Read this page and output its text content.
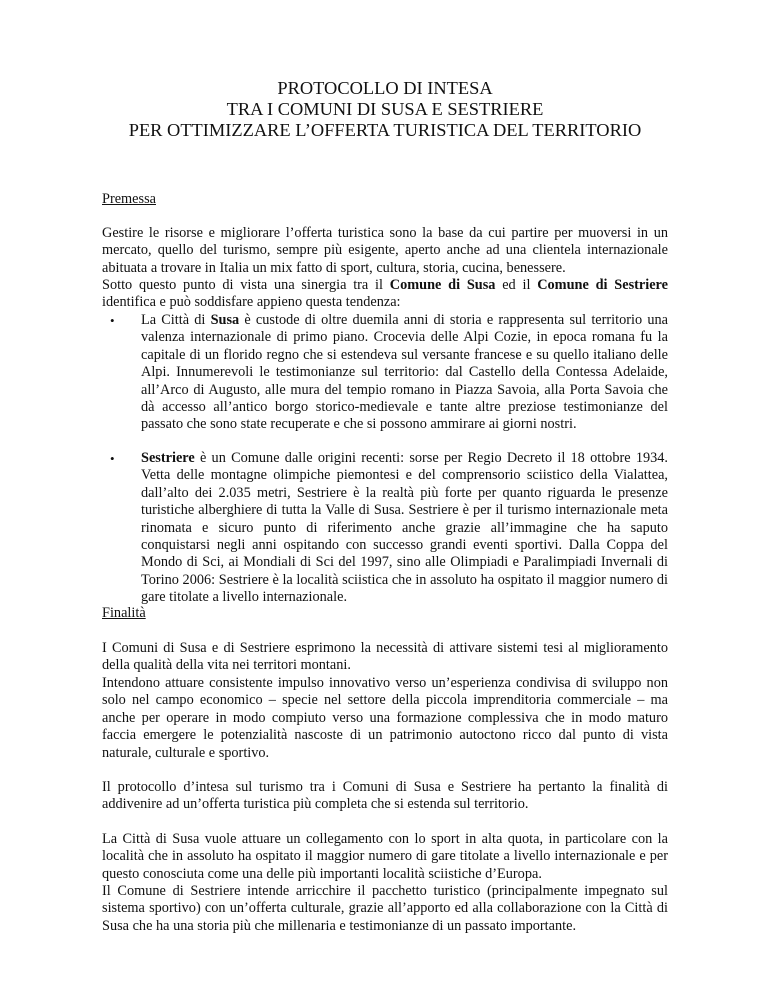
PROTOCOLLO DI INTESA
TRA I COMUNI DI SUSA E SESTRIERE
PER OTTIMIZZARE L’OFFERTA TURISTICA DEL TERRITORIO
Premessa
Gestire le risorse e migliorare l’offerta turistica sono la base da cui partire per muoversi in un mercato, quello del turismo, sempre più esigente, aperto anche ad una clientela internazionale abituata a trovare in Italia un mix fatto di sport, cultura, storia, cucina, benessere.
Sotto questo punto di vista una sinergia tra il Comune di Susa ed il Comune di Sestriere identifica e può soddisfare appieno questa tendenza:
• La Città di Susa è custode di oltre duemila anni di storia e rappresenta sul territorio una valenza internazionale di primo piano. Crocevia delle Alpi Cozie, in epoca romana fu la capitale di un florido regno che si estendeva sul versante francese e su quello italiano delle Alpi. Innumerevoli le testimonianze sul territorio: dal Castello della Contessa Adelaide, all’Arco di Augusto, alle mura del tempio romano in Piazza Savoia, alla Porta Savoia che dà accesso all’antico borgo storico-medievale e tante altre preziose testimonianze del passato che sono state recuperate e che si possono ammirare ai giorni nostri.
• Sestriere è un Comune dalle origini recenti: sorse per Regio Decreto il 18 ottobre 1934. Vetta delle montagne olimpiche piemontesi e del comprensorio sciistico della Vialattea, dall’alto dei 2.035 metri, Sestriere è la realtà più forte per quanto riguarda le presenze turistiche alberghiere di tutta la Valle di Susa. Sestriere è per il turismo internazionale meta rinomata e sicuro punto di riferimento anche grazie all’immagine che ha saputo conquistarsi negli anni ospitando con successo grandi eventi sportivi. Dalla Coppa del Mondo di Sci, ai Mondiali di Sci del 1997, sino alle Olimpiadi e Paralimpiadi Invernali di Torino 2006: Sestriere è la località sciistica che in assoluto ha ospitato il maggior numero di gare titolate a livello internazionale.
Finalità
I Comuni di Susa e di Sestriere esprimono la necessità di attivare sistemi tesi al miglioramento della qualità della vita nei territori montani.
Intendono attuare consistente impulso innovativo verso un’esperienza condivisa di sviluppo non solo nel campo economico – specie nel settore della piccola imprenditoria commerciale – ma anche per operare in modo compiuto verso una formazione complessiva che in modo maturo faccia emergere le potenzialità nascoste di un patrimonio autoctono ricco dal punto di vista naturale, culturale e sportivo.
Il protocollo d’intesa sul turismo tra i Comuni di Susa e Sestriere ha pertanto la finalità di addivenire ad un’offerta turistica più completa che si estenda sul territorio.
La Città di Susa vuole attuare un collegamento con lo sport in alta quota, in particolare con la località che in assoluto ha ospitato il maggior numero di gare titolate a livello internazionale e per questo conosciuta come una delle più importanti località sciistiche d’Europa.
Il Comune di Sestriere intende arricchire il pacchetto turistico (principalmente impegnato sul sistema sportivo) con un’offerta culturale, grazie all’apporto ed alla collaborazione con la Città di Susa che ha una storia più che millenaria e testimonianze di un passato importante.
